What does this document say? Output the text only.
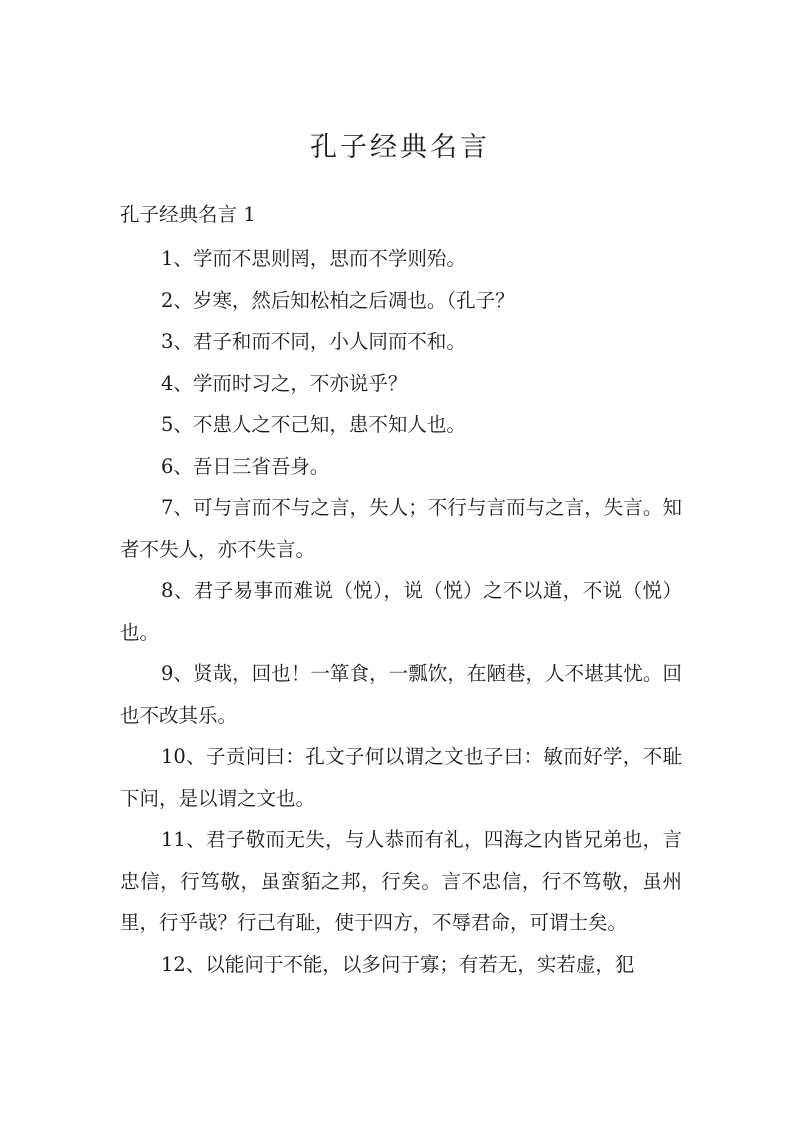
孔子经典名言
孔子经典名言 1

1、学而不思则罔，思而不学则殆。

2、岁寒，然后知松柏之后凋也。（孔子？

3、君子和而不同，小人同而不和。

4、学而时习之，不亦说乎？

5、不患人之不己知，患不知人也。

6、吾日三省吾身。

7、可与言而不与之言，失人；不行与言而与之言，失言。知者不失人，亦不失言。

8、君子易事而难说（悦），说（悦）之不以道，不说（悦）也。

9、贤哉，回也！一箪食，一瓢饮，在陋巷，人不堪其忧。回也不改其乐。

10、子贡问曰：孔文子何以谓之文也子曰：敏而好学，不耻下问，是以谓之文也。

11、君子敬而无失，与人恭而有礼，四海之内皆兄弟也，言忠信，行笃敬，虽蛮貊之邦，行矣。言不忠信，行不笃敬，虽州里，行乎哉？行己有耻，使于四方，不辱君命，可谓士矣。

12、以能问于不能，以多问于寡；有若无，实若虚，犯
